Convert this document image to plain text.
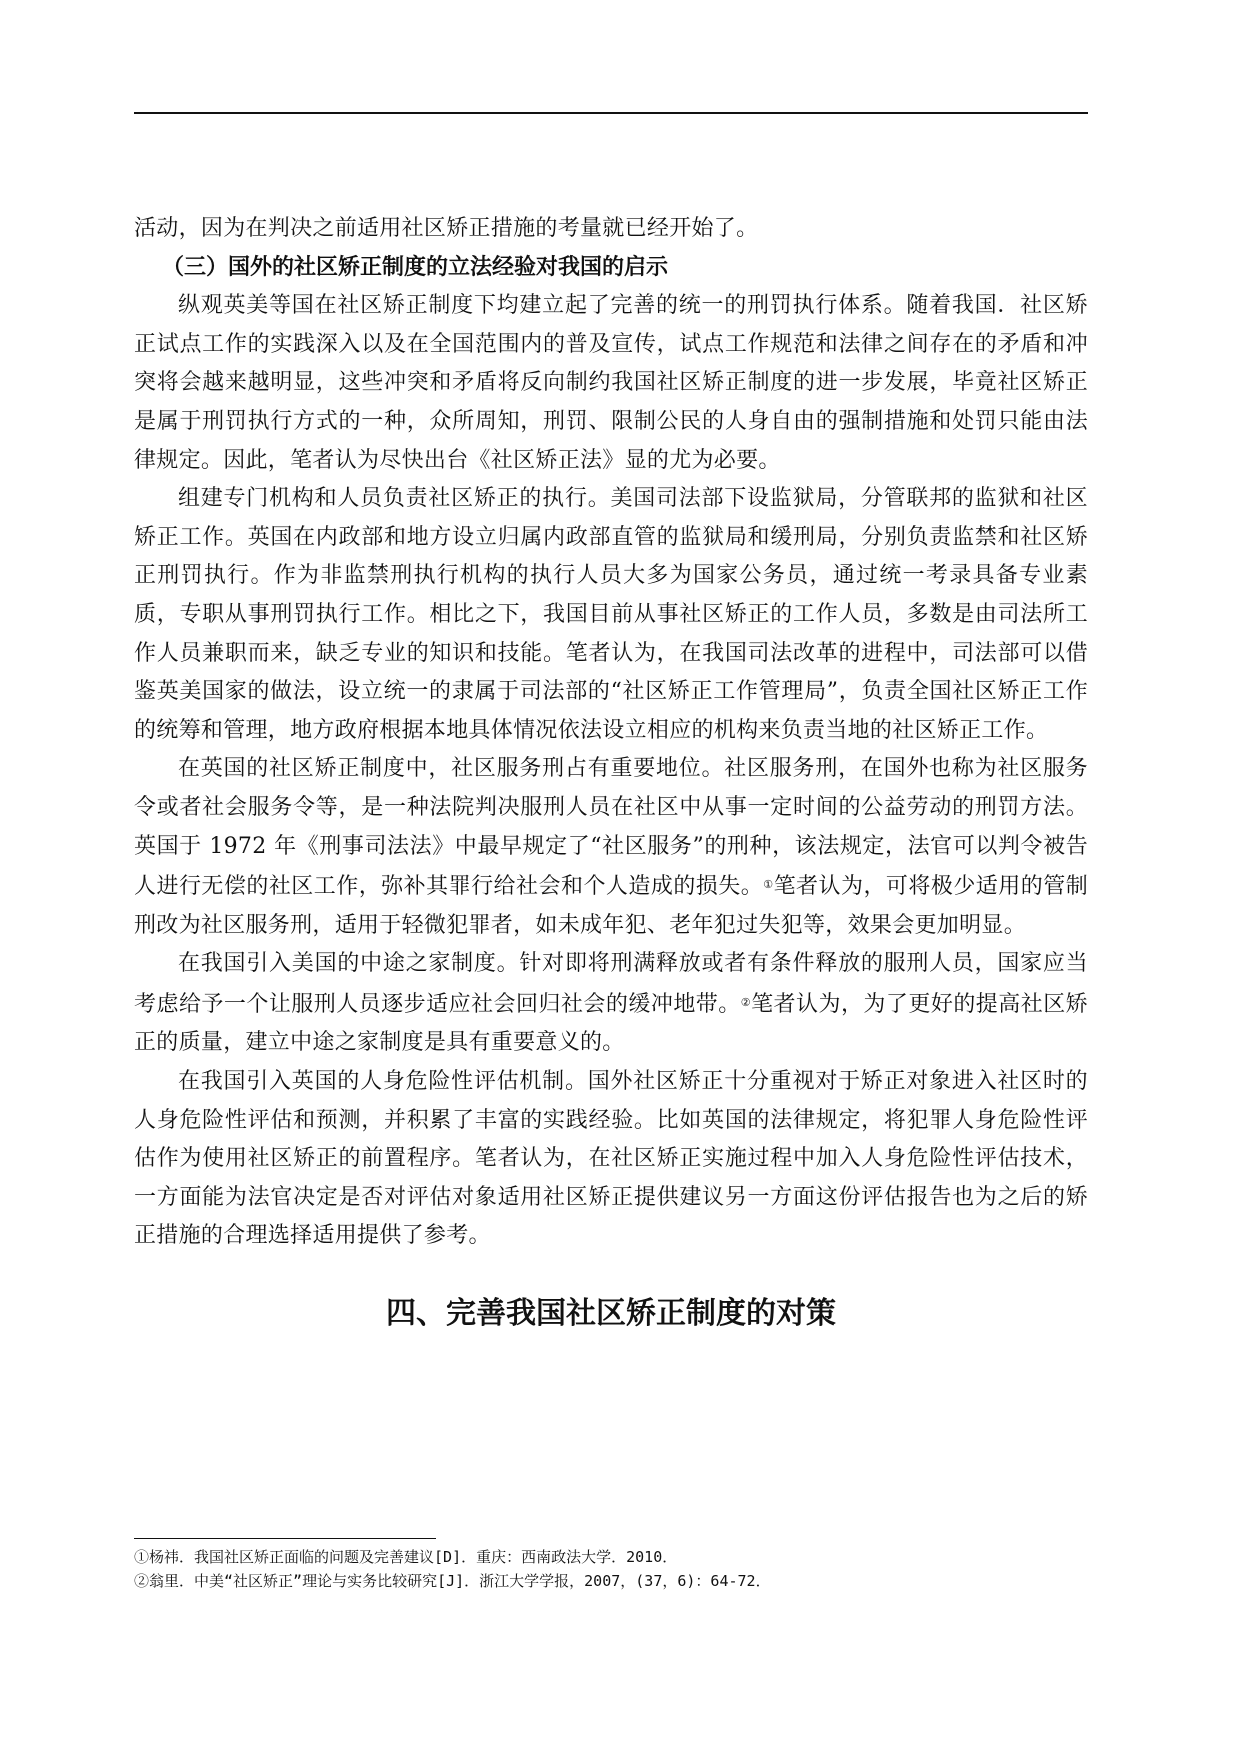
活动，因为在判决之前适用社区矫正措施的考量就已经开始了。

（三）国外的社区矫正制度的立法经验对我国的启示

纵观英美等国在社区矫正制度下均建立起了完善的统一的刑罚执行体系。随着我国．社区矫正试点工作的实践深入以及在全国范围内的普及宣传，试点工作规范和法律之间存在的矛盾和冲突将会越来越明显，这些冲突和矛盾将反向制约我国社区矫正制度的进一步发展，毕竟社区矫正是属于刑罚执行方式的一种，众所周知，刑罚、限制公民的人身自由的强制措施和处罚只能由法律规定。因此，笔者认为尽快出台《社区矫正法》显的尤为必要。

组建专门机构和人员负责社区矫正的执行。美国司法部下设监狱局，分管联邦的监狱和社区矫正工作。英国在内政部和地方设立归属内政部直管的监狱局和缓刑局，分别负责监禁和社区矫正刑罚执行。作为非监禁刑执行机构的执行人员大多为国家公务员，通过统一考录具备专业素质，专职从事刑罚执行工作。相比之下，我国目前从事社区矫正的工作人员，多数是由司法所工作人员兼职而来，缺乏专业的知识和技能。笔者认为，在我国司法改革的进程中，司法部可以借鉴英美国家的做法，设立统一的隶属于司法部的“社区矫正工作管理局”，负责全国社区矫正工作的统筹和管理，地方政府根据本地具体情况依法设立相应的机构来负责当地的社区矫正工作。

在英国的社区矫正制度中，社区服务刑占有重要地位。社区服务刑，在国外也称为社区服务令或者社会服务令等，是一种法院判决服刑人员在社区中从事一定时间的公益劳动的刑罚方法。英国于 1972 年《刑事司法法》中最早规定了“社区服务”的刑种，该法规定，法官可以判令被告人进行无偿的社区工作，弥补其罪行给社会和个人造成的损失。①笔者认为，可将极少适用的管制刑改为社区服务刑，适用于轻微犯罪者，如未成年犯、老年犯过失犯等，效果会更加明显。

在我国引入美国的中途之家制度。针对即将刑满释放或者有条件释放的服刑人员，国家应当考虑给予一个让服刑人员逐步适应社会回归社会的缓冲地带。②笔者认为，为了更好的提高社区矫正的质量，建立中途之家制度是具有重要意义的。

在我国引入英国的人身危险性评估机制。国外社区矫正十分重视对于矫正对象进入社区时的人身危险性评估和预测，并积累了丰富的实践经验。比如英国的法律规定，将犯罪人身危险性评估作为使用社区矫正的前置程序。笔者认为，在社区矫正实施过程中加入人身危险性评估技术，一方面能为法官决定是否对评估对象适用社区矫正提供建议另一方面这份评估报告也为之后的矫正措施的合理选择适用提供了参考。

四、完善我国社区矫正制度的对策

①杨祎．我国社区矫正面临的问题及完善建议[D]．重庆：西南政法大学．2010．

②翁里．中美“社区矫正”理论与实务比较研究[J]．浙江大学学报，2007，(37，6)：64-72．
